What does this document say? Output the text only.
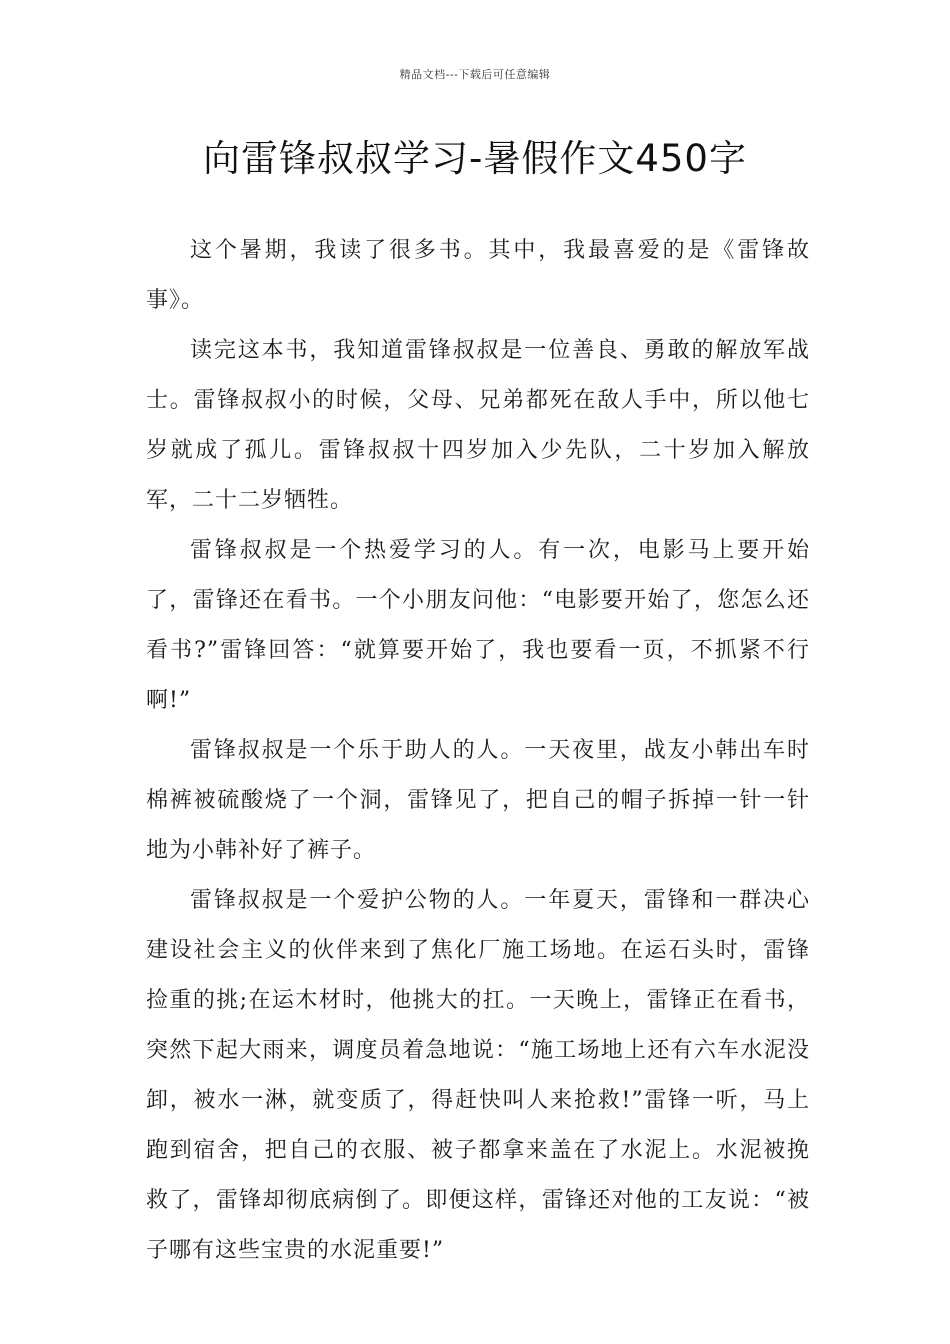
精品文档---下载后可任意编辑
向雷锋叔叔学习-暑假作文450字

这个暑期，我读了很多书。其中，我最喜爱的是《雷锋故事》。

读完这本书，我知道雷锋叔叔是一位善良、勇敢的解放军战士。雷锋叔叔小的时候，父母、兄弟都死在敌人手中，所以他七岁就成了孤儿。雷锋叔叔十四岁加入少先队，二十岁加入解放军，二十二岁牺牲。

雷锋叔叔是一个热爱学习的人。有一次，电影马上要开始了，雷锋还在看书。一个小朋友问他：“电影要开始了，您怎么还看书?”雷锋回答：“就算要开始了，我也要看一页，不抓紧不行啊!”

雷锋叔叔是一个乐于助人的人。一天夜里，战友小韩出车时棉裤被硫酸烧了一个洞，雷锋见了，把自己的帽子拆掉一针一针地为小韩补好了裤子。

雷锋叔叔是一个爱护公物的人。一年夏天，雷锋和一群决心建设社会主义的伙伴来到了焦化厂施工场地。在运石头时，雷锋捡重的挑;在运木材时，他挑大的扛。一天晚上，雷锋正在看书，突然下起大雨来，调度员着急地说：“施工场地上还有六车水泥没卸，被水一淋，就变质了，得赶快叫人来抢救!”雷锋一听，马上跑到宿舍，把自己的衣服、被子都拿来盖在了水泥上。水泥被挽救了，雷锋却彻底病倒了。即便这样，雷锋还对他的工友说：“被子哪有这些宝贵的水泥重要!”
